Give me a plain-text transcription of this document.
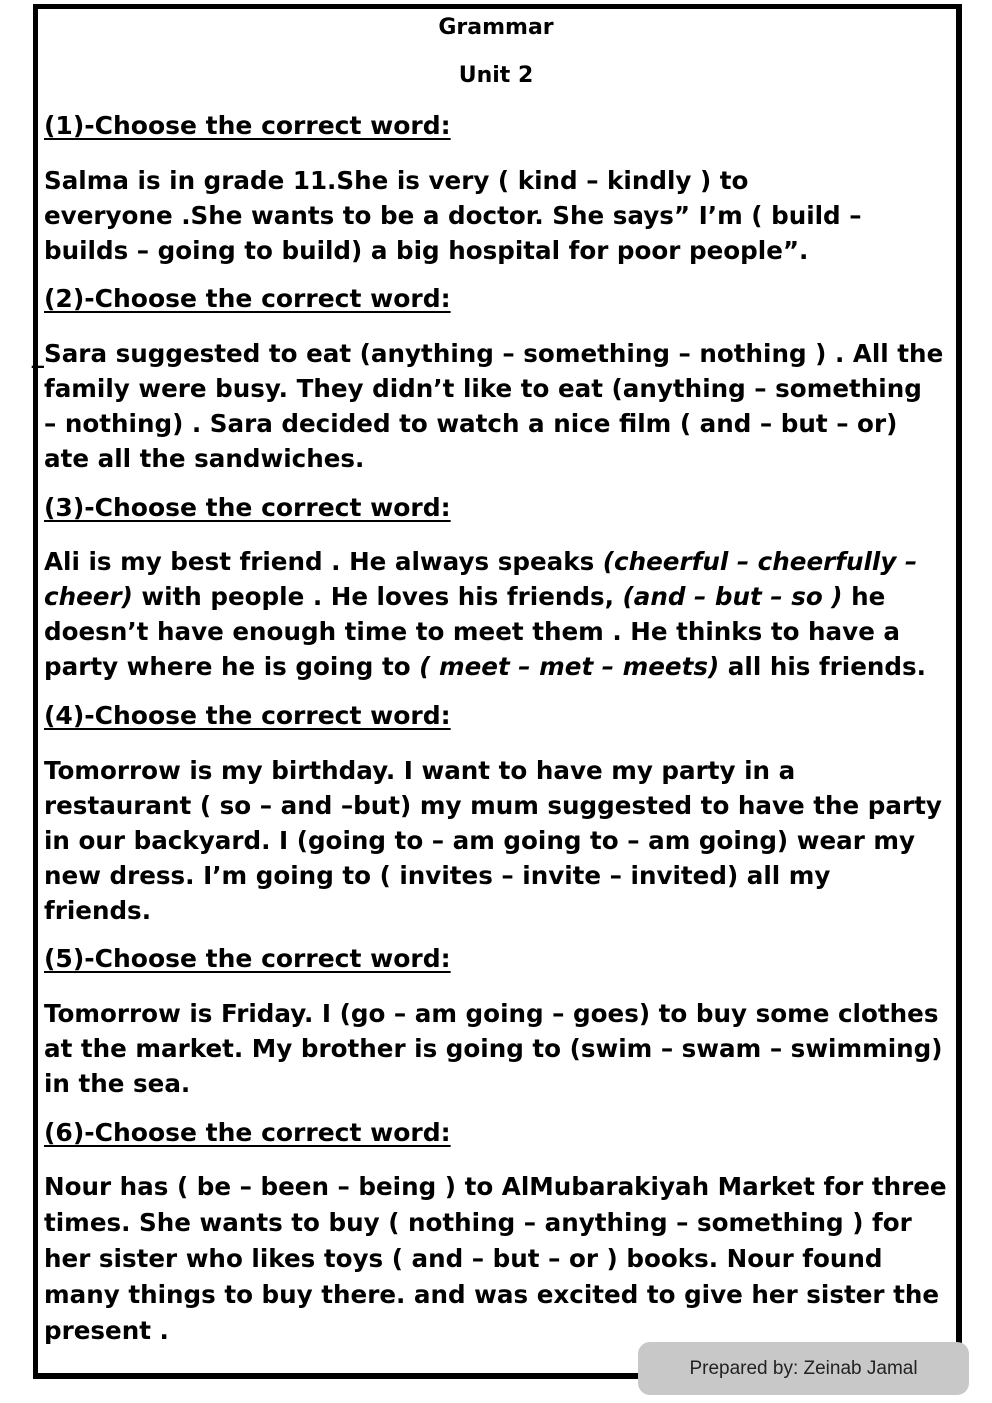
Grammar
Unit 2
(1)-Choose the correct word:
Salma is in grade 11.She is very ( kind – kindly ) to
everyone .She wants to be a doctor. She says” I’m ( build –
builds – going to build) a big hospital for poor people”.
(2)-Choose the correct word:
̲Sara suggested to eat (anything – something – nothing ) . All the
family were busy. They didn’t like to eat (anything – something
– nothing) . Sara decided to watch a nice film ( and – but – or)
ate all the sandwiches.
(3)-Choose the correct word:
Ali is my best friend . He always speaks (cheerful – cheerfully –
cheer) with people . He loves his friends, (and – but – so ) he
doesn’t have enough time to meet them . He thinks to have a
party where he is going to ( meet – met – meets) all his friends.
(4)-Choose the correct word:
Tomorrow is my birthday. I want to have my party in a
restaurant ( so – and –but) my mum suggested to have the party
in our backyard. I (going to – am going to – am going) wear my
new dress. I’m going to ( invites – invite – invited) all my
friends.
(5)-Choose the correct word:
Tomorrow is Friday. I (go – am going – goes) to buy some clothes
at the market. My brother is going to (swim – swam – swimming)
in the sea.
(6)-Choose the correct word:
Nour has ( be – been – being ) to AlMubarakiyah Market for three
times. She wants to buy ( nothing – anything – something ) for
her sister who likes toys ( and – but – or ) books. Nour found
many things to buy there. and was excited to give her sister the
present .
Prepared by: Zeinab Jamal
